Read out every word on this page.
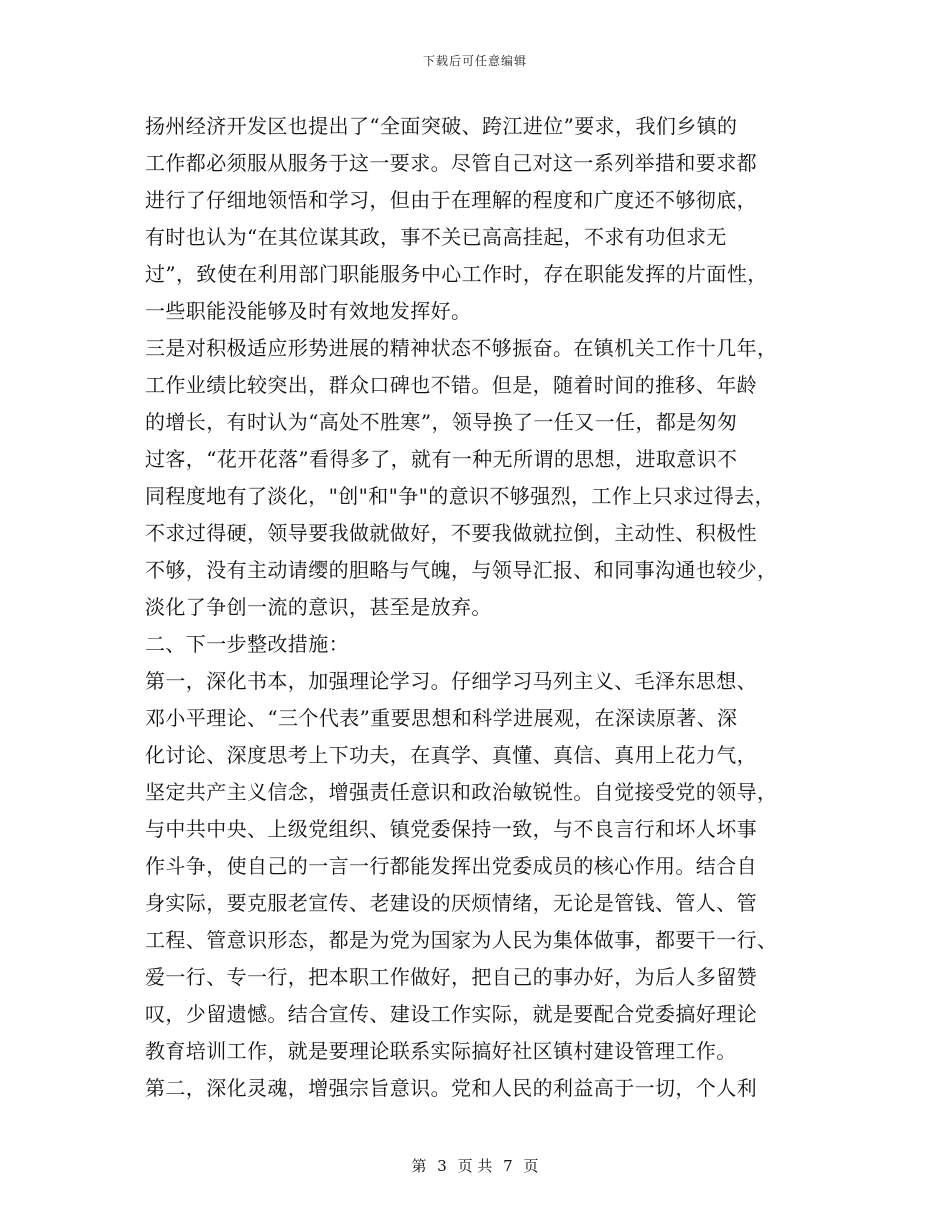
下载后可任意编辑
扬州经济开发区也提出了“全面突破、跨江进位”要求，我们乡镇的
工作都必须服从服务于这一要求。尽管自己对这一系列举措和要求都
进行了仔细地领悟和学习，但由于在理解的程度和广度还不够彻底，
有时也认为“在其位谋其政，事不关已高高挂起，不求有功但求无
过”，致使在利用部门职能服务中心工作时，存在职能发挥的片面性，
一些职能没能够及时有效地发挥好。
三是对积极适应形势进展的精神状态不够振奋。在镇机关工作十几年，
工作业绩比较突出，群众口碑也不错。但是，随着时间的推移、年龄
的增长，有时认为“高处不胜寒”，领导换了一任又一任，都是匆匆
过客，“花开花落”看得多了，就有一种无所谓的思想，进取意识不
同程度地有了淡化，"创"和"争"的意识不够强烈，工作上只求过得去，
不求过得硬，领导要我做就做好，不要我做就拉倒，主动性、积极性
不够，没有主动请缨的胆略与气魄，与领导汇报、和同事沟通也较少，
淡化了争创一流的意识，甚至是放弃。
二、下一步整改措施：
第一，深化书本，加强理论学习。仔细学习马列主义、毛泽东思想、
邓小平理论、“三个代表”重要思想和科学进展观，在深读原著、深
化讨论、深度思考上下功夫，在真学、真懂、真信、真用上花力气，
坚定共产主义信念，增强责任意识和政治敏锐性。自觉接受党的领导，
与中共中央、上级党组织、镇党委保持一致，与不良言行和坏人坏事
作斗争，使自己的一言一行都能发挥出党委成员的核心作用。结合自
身实际，要克服老宣传、老建设的厌烦情绪，无论是管钱、管人、管
工程、管意识形态，都是为党为国家为人民为集体做事，都要干一行、
爱一行、专一行，把本职工作做好，把自己的事办好，为后人多留赞
叹，少留遗憾。结合宣传、建设工作实际，就是要配合党委搞好理论
教育培训工作，就是要理论联系实际搞好社区镇村建设管理工作。
第二，深化灵魂，增强宗旨意识。党和人民的利益高于一切，个人利
第 3 页 共 7 页
